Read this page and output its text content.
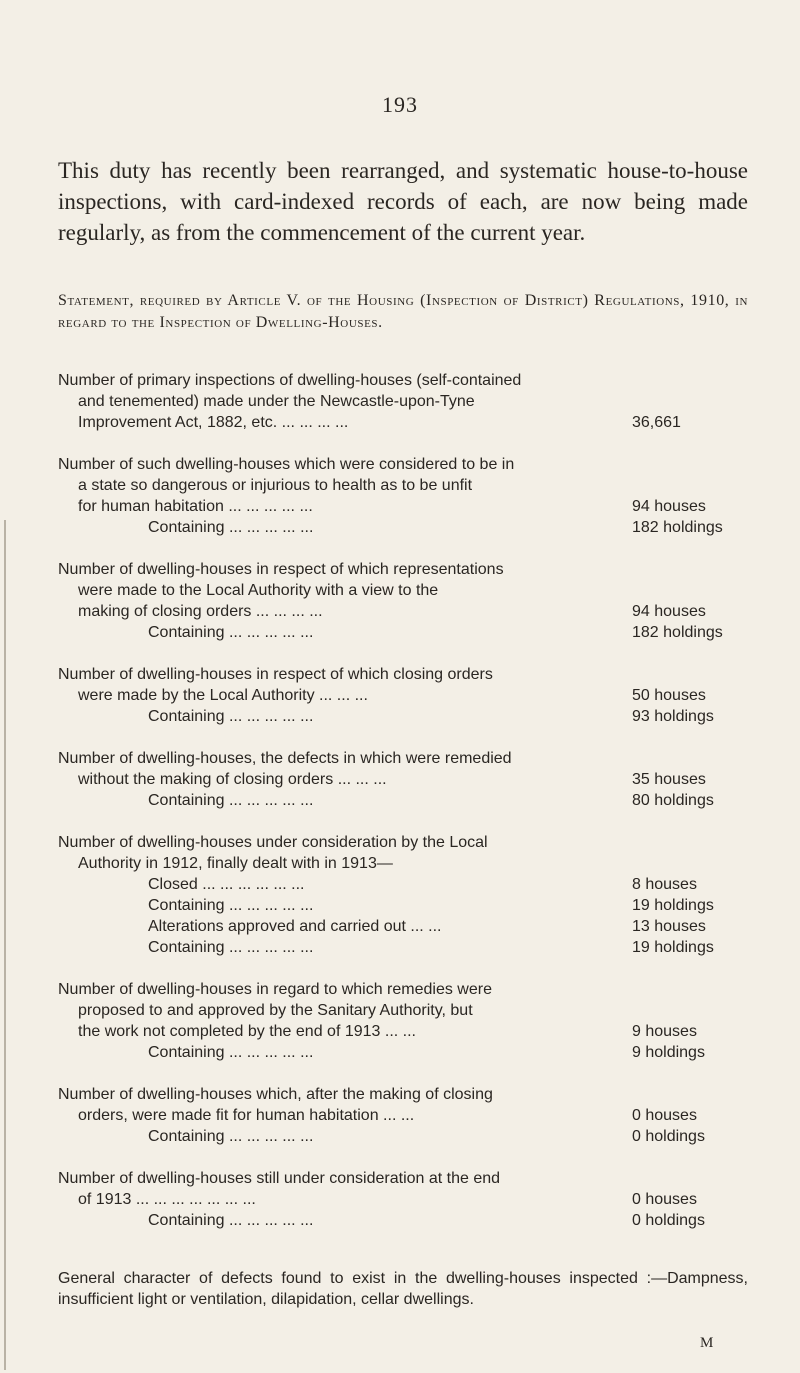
193
This duty has recently been rearranged, and systematic house-to-house inspections, with card-indexed records of each, are now being made regularly, as from the commencement of the current year.
Statement, required by Article V. of the Housing (Inspection of District) Regulations, 1910, in regard to the Inspection of Dwelling-Houses.
Number of primary inspections of dwelling-houses (self-contained
and tenemented) made under the Newcastle-upon-Tyne
Improvement Act, 1882, etc. ... ... ... ...	36,661
Number of such dwelling-houses which were considered to be in
a state so dangerous or injurious to health as to be unfit
for human habitation ... ... ... ... ...	94 houses
Containing ... ... ... ... ...	182 holdings
Number of dwelling-houses in respect of which representations
were made to the Local Authority with a view to the
making of closing orders ... ... ... ...	94 houses
Containing ... ... ... ... ...	182 holdings
Number of dwelling-houses in respect of which closing orders
were made by the Local Authority ... ... ...	50 houses
Containing ... ... ... ... ...	93 holdings
Number of dwelling-houses, the defects in which were remedied
without the making of closing orders ... ... ...	35 houses
Containing ... ... ... ... ...	80 holdings
Number of dwelling-houses under consideration by the Local
Authority in 1912, finally dealt with in 1913—
Closed ... ... ... ... ... ...	8 houses
Containing ... ... ... ... ...	19 holdings
Alterations approved and carried out ... ...	13 houses
Containing ... ... ... ... ...	19 holdings
Number of dwelling-houses in regard to which remedies were
proposed to and approved by the Sanitary Authority, but
the work not completed by the end of 1913 ... ...	9 houses
Containing ... ... ... ... ...	9 holdings
Number of dwelling-houses which, after the making of closing
orders, were made fit for human habitation ... ...	0 houses
Containing ... ... ... ... ...	0 holdings
Number of dwelling-houses still under consideration at the end
of 1913 ... ... ... ... ... ... ...	0 houses
Containing ... ... ... ... ...	0 holdings
General character of defects found to exist in the dwelling-houses inspected :—Dampness, insufficient light or ventilation, dilapidation, cellar dwellings.
M
